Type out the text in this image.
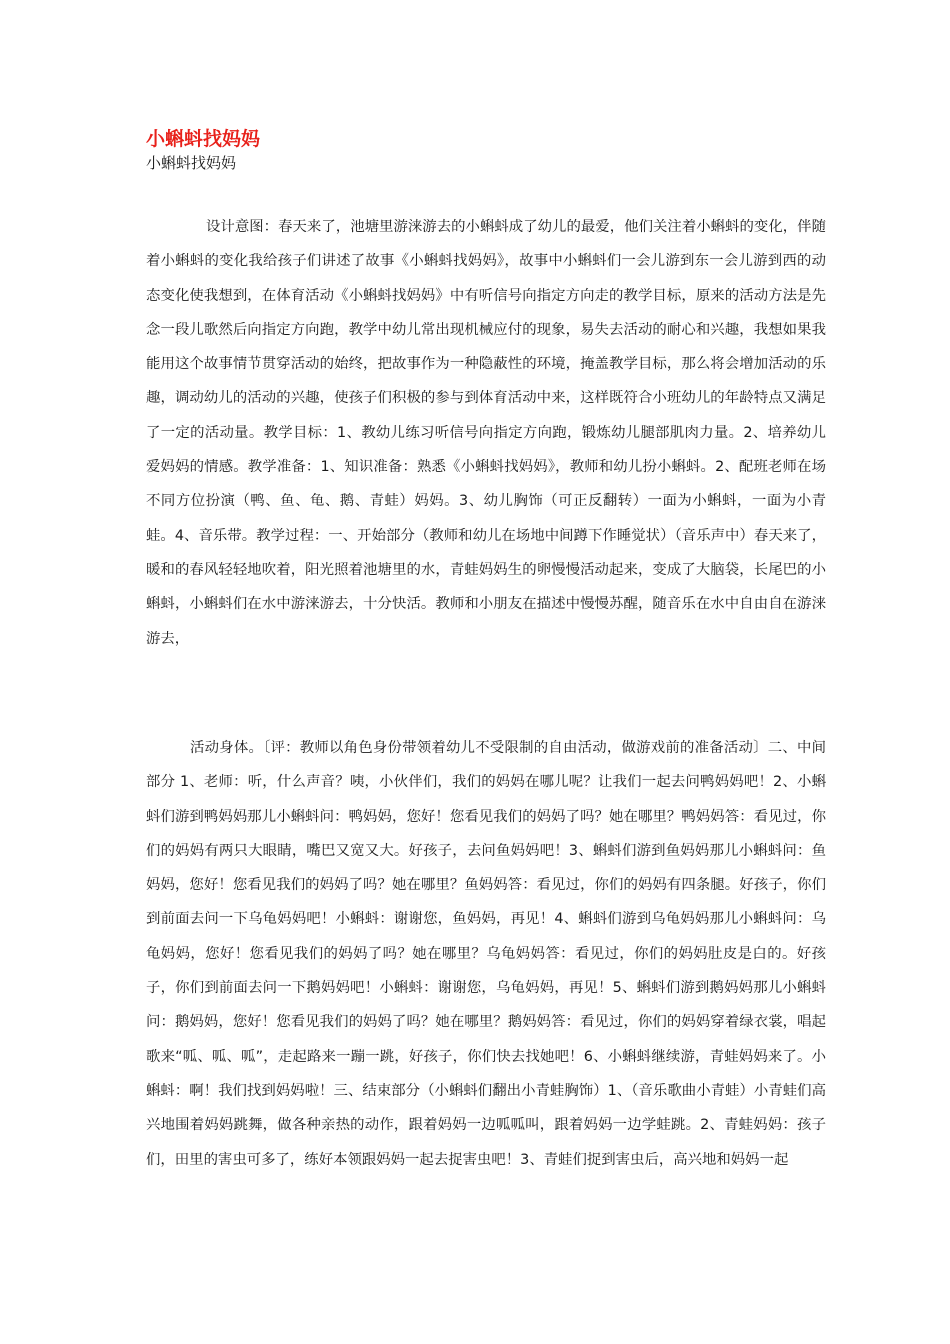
小蝌蚪找妈妈
小蝌蚪找妈妈

设计意图：春天来了，池塘里游涞游去的小蝌蚪成了幼儿的最爱，他们关注着小蝌蚪的变化，伴随着小蝌蚪的变化我给孩子们讲述了故事《小蝌蚪找妈妈》，故事中小蝌蚪们一会儿游到东一会儿游到西的动态变化使我想到，在体育活动《小蝌蚪找妈妈》中有听信号向指定方向走的教学目标，原来的活动方法是先念一段儿歌然后向指定方向跑，教学中幼儿常出现机械应付的现象，易失去活动的耐心和兴趣，我想如果我能用这个故事情节贯穿活动的始终，把故事作为一种隐蔽性的环境，掩盖教学目标，那么将会增加活动的乐趣，调动幼儿的活动的兴趣，使孩子们积极的参与到体育活动中来，这样既符合小班幼儿的年龄特点又满足了一定的活动量。教学目标：1、教幼儿练习听信号向指定方向跑，锻炼幼儿腿部肌肉力量。2、培养幼儿爱妈妈的情感。教学准备：1、知识准备：熟悉《小蝌蚪找妈妈》，教师和幼儿扮小蝌蚪。2、配班老师在场不同方位扮演（鸭、鱼、龟、鹅、青蛙）妈妈。3、幼儿胸饰（可正反翻转）一面为小蝌蚪，一面为小青蛙。4、音乐带。教学过程：一、开始部分（教师和幼儿在场地中间蹲下作睡觉状）（音乐声中）春天来了，暖和的春风轻轻地吹着，阳光照着池塘里的水，青蛙妈妈生的卵慢慢活动起来，变成了大脑袋，长尾巴的小蝌蚪，小蝌蚪们在水中游涞游去，十分快活。教师和小朋友在描述中慢慢苏醒，随音乐在水中自由自在游涞游去，

活动身体。〔评：教师以角色身份带领着幼儿不受限制的自由活动，做游戏前的准备活动〕二、中间部分 1、老师：听，什么声音？咦，小伙伴们，我们的妈妈在哪儿呢？让我们一起去问鸭妈妈吧！2、小蝌蚪们游到鸭妈妈那儿小蝌蚪问：鸭妈妈，您好！您看见我们的妈妈了吗？她在哪里？鸭妈妈答：看见过，你们的妈妈有两只大眼睛，嘴巴又宽又大。好孩子，去问鱼妈妈吧！3、蝌蚪们游到鱼妈妈那儿小蝌蚪问：鱼妈妈，您好！您看见我们的妈妈了吗？她在哪里？鱼妈妈答：看见过，你们的妈妈有四条腿。好孩子，你们到前面去问一下乌龟妈妈吧！小蝌蚪：谢谢您，鱼妈妈，再见！4、蝌蚪们游到乌龟妈妈那儿小蝌蚪问：乌龟妈妈，您好！您看见我们的妈妈了吗？她在哪里？乌龟妈妈答：看见过，你们的妈妈肚皮是白的。好孩子，你们到前面去问一下鹅妈妈吧！小蝌蚪：谢谢您，乌龟妈妈，再见！5、蝌蚪们游到鹅妈妈那儿小蝌蚪问：鹅妈妈，您好！您看见我们的妈妈了吗？她在哪里？鹅妈妈答：看见过，你们的妈妈穿着绿衣裳，唱起歌来“呱、呱、呱”，走起路来一蹦一跳，好孩子，你们快去找她吧！6、小蝌蚪继续游，青蛙妈妈来了。小蝌蚪：啊！我们找到妈妈啦！三、结束部分（小蝌蚪们翻出小青蛙胸饰）1、（音乐歌曲小青蛙）小青蛙们高兴地围着妈妈跳舞，做各种亲热的动作，跟着妈妈一边呱呱叫，跟着妈妈一边学蛙跳。2、青蛙妈妈：孩子们，田里的害虫可多了，练好本领跟妈妈一起去捉害虫吧！3、青蛙们捉到害虫后，高兴地和妈妈一起
